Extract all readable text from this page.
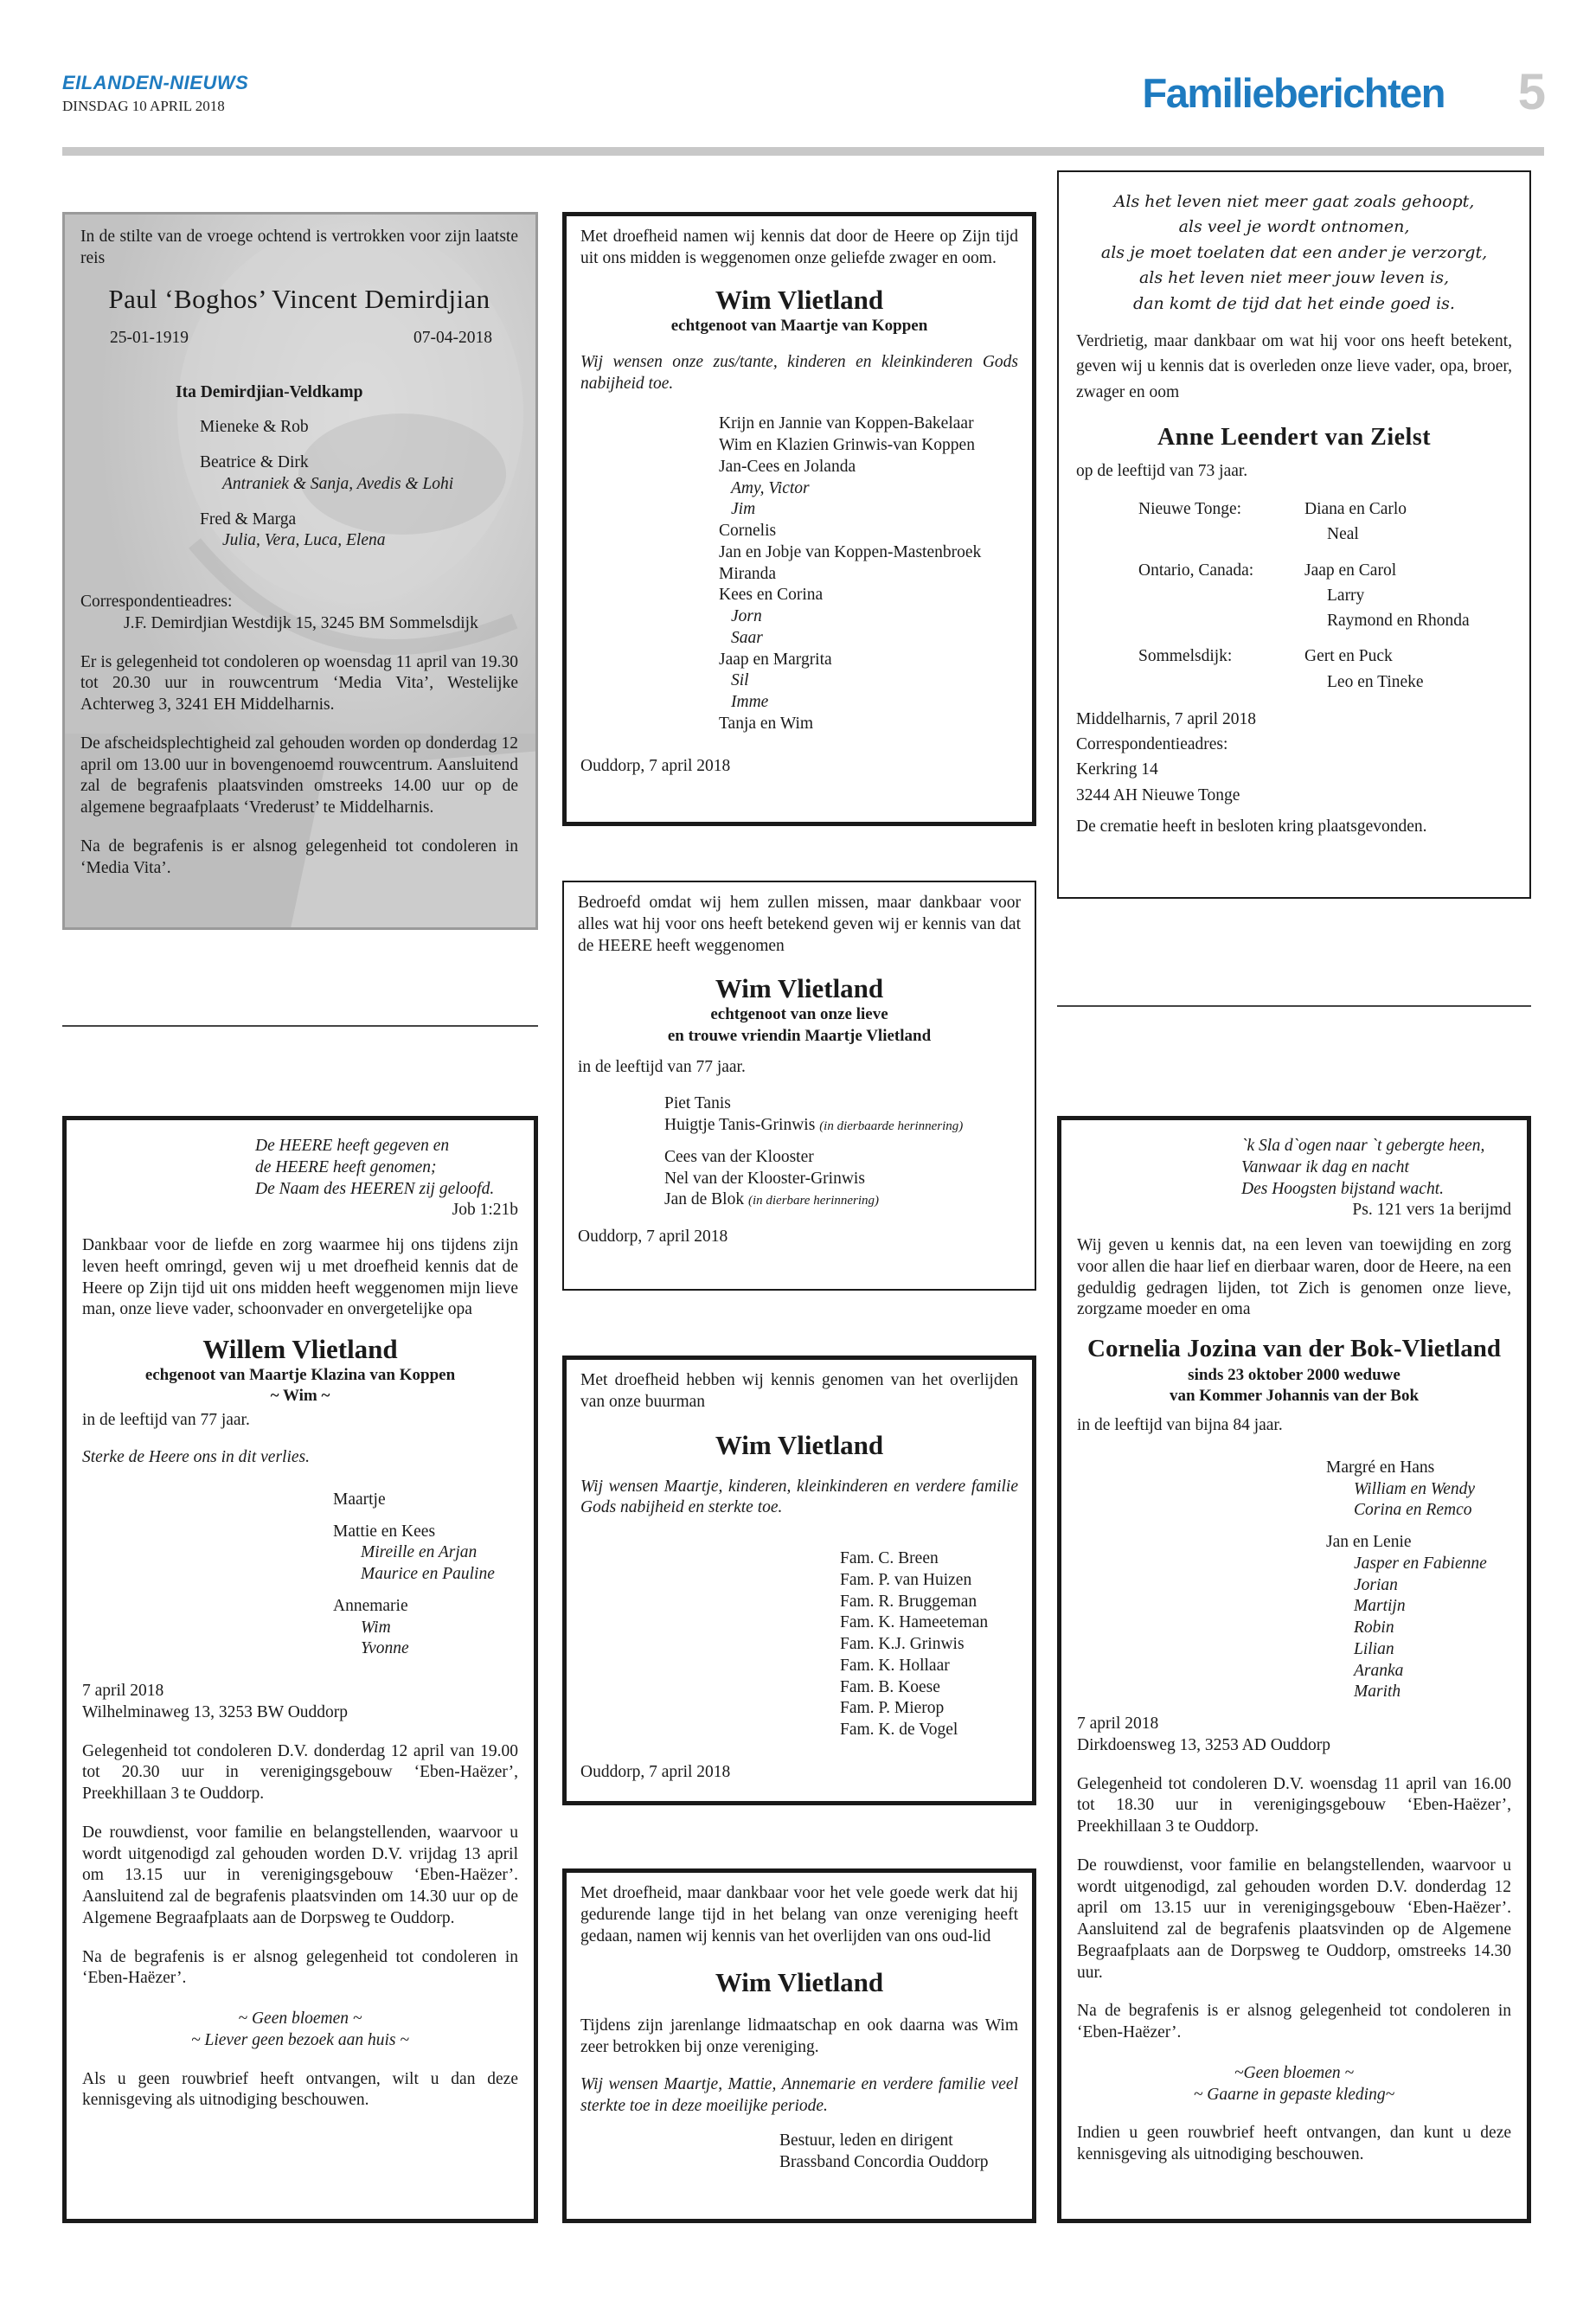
EILANDEN-NIEUWS
DINSDAG 10 APRIL 2018	Familieberichten 5

In de stilte van de vroege ochtend is vertrokken voor zijn laatste reis

Paul ‘Boghos’ Vincent Demirdjian

25-01-1919	07-04-2018

Ita Demirdjian-Veldkamp

Mieneke & Rob

Beatrice & Dirk

Antraniek & Sanja, Avedis & Lohi

Fred & Marga

Julia, Vera, Luca, Elena

Correspondentieadres:

J.F. Demirdjian Westdijk 15, 3245 BM Sommelsdijk

Er is gelegenheid tot condoleren op woensdag 11 april van 19.30 tot 20.30 uur in rouwcentrum ‘Media Vita’, Westelijke Achterweg 3, 3241 EH Middelharnis.

De afscheidsplechtigheid zal gehouden worden op donderdag 12 april om 13.00 uur in bovengenoemd rouwcentrum. Aansluitend zal de begrafenis plaatsvinden omstreeks 14.00 uur op de algemene begraafplaats ‘Vrederust’ te Middelharnis.

Na de begrafenis is er alsnog gelegenheid tot condoleren in ‘Media Vita’.

De HEERE heeft gegeven en

de HEERE heeft genomen;

De Naam des HEEREN zij geloofd.

Job 1:21b

Dankbaar voor de liefde en zorg waarmee hij ons tijdens zijn leven heeft omringd, geven wij u met droefheid kennis dat de Heere op Zijn tijd uit ons midden heeft weggenomen mijn lieve man, onze lieve vader, schoonvader en onvergetelijke opa

Willem Vlietland

echgenoot van Maartje Klazina van Koppen

~ Wim ~

in de leeftijd van 77 jaar.

Sterke de Heere ons in dit verlies.

Maartje

Mattie en Kees

Mireille en Arjan

Maurice en Pauline

Annemarie

Wim

Yvonne

7 april 2018

Wilhelminaweg 13, 3253 BW Ouddorp

Gelegenheid tot condoleren D.V. donderdag 12 april van 19.00 tot 20.30 uur in verenigingsgebouw ‘Eben-Haëzer’, Preekhillaan 3 te Ouddorp.

De rouwdienst, voor familie en belangstellenden, waarvoor u wordt uitgenodigd zal gehouden worden D.V. vrijdag 13 april om 13.15 uur in verenigingsgebouw ‘Eben-Haëzer’. Aansluitend zal de begrafenis plaatsvinden om 14.30 uur op de Algemene Begraafplaats aan de Dorpsweg te Ouddorp.

Na de begrafenis is er alsnog gelegenheid tot condoleren in ‘Eben-Haëzer’.

~ Geen bloemen ~

~ Liever geen bezoek aan huis ~

Als u geen rouwbrief heeft ontvangen, wilt u dan deze kennisgeving als uitnodiging beschouwen.

Met droefheid namen wij kennis dat door de Heere op Zijn tijd uit ons midden is weggenomen onze geliefde zwager en oom.

Wim Vlietland

echtgenoot van Maartje van Koppen

Wij wensen onze zus/tante, kinderen en kleinkinderen Gods nabijheid toe.

Krijn en Jannie van Koppen-Bakelaar

Wim en Klazien Grinwis-van Koppen

Jan-Cees en Jolanda

Amy, Victor

Jim

Cornelis

Jan en Jobje van Koppen-Mastenbroek

Miranda

Kees en Corina

Jorn

Saar

Jaap en Margrita

Sil

Imme

Tanja en Wim

Ouddorp, 7 april 2018

Bedroefd omdat wij hem zullen missen, maar dankbaar voor alles wat hij voor ons heeft betekend geven wij er kennis van dat de HEERE heeft weggenomen

Wim Vlietland

echtgenoot van onze lieve

en trouwe vriendin Maartje Vlietland

in de leeftijd van 77 jaar.

Piet Tanis

Huigtje Tanis-Grinwis (in dierbaarde herinnering)

Cees van der Klooster

Nel van der Klooster-Grinwis

Jan de Blok (in dierbare herinnering)

Ouddorp, 7 april 2018

Met droefheid hebben wij kennis genomen van het overlijden van onze buurman

Wim Vlietland

Wij wensen Maartje, kinderen, kleinkinderen en verdere familie Gods nabijheid en sterkte toe.

Fam. C. Breen

Fam. P. van Huizen

Fam. R. Bruggeman

Fam. K. Hameeteman

Fam. K.J. Grinwis

Fam. K. Hollaar

Fam. B. Koese

Fam. P. Mierop

Fam. K. de Vogel

Ouddorp, 7 april 2018

Met droefheid, maar dankbaar voor het vele goede werk dat hij gedurende lange tijd in het belang van onze vereniging heeft gedaan, namen wij kennis van het overlijden van ons oud-lid

Wim Vlietland

Tijdens zijn jarenlange lidmaatschap en ook daarna was Wim zeer betrokken bij onze vereniging.

Wij wensen Maartje, Mattie, Annemarie en verdere familie veel sterkte toe in deze moeilijke periode.

Bestuur, leden en dirigent

Brassband Concordia Ouddorp

Als het leven niet meer gaat zoals gehoopt,

als veel je wordt ontnomen,

als je moet toelaten dat een ander je verzorgt,

als het leven niet meer jouw leven is,

dan komt de tijd dat het einde goed is.

Verdrietig, maar dankbaar om wat hij voor ons heeft betekent, geven wij u kennis dat is overleden onze lieve vader, opa, broer, zwager en oom

Anne Leendert van Zielst

op de leeftijd van 73 jaar.

Nieuwe Tonge:	Diana en Carlo

Neal

Ontario, Canada:	Jaap en Carol

Larry

Raymond en Rhonda

Sommelsdijk:	Gert en Puck

Leo en Tineke

Middelharnis, 7 april 2018

Correspondentieadres:

Kerkring 14

3244 AH Nieuwe Tonge

De crematie heeft in besloten kring plaatsgevonden.

`k Sla d`ogen naar `t gebergte heen,

Vanwaar ik dag en nacht

Des Hoogsten bijstand wacht.

Ps. 121 vers 1a berijmd

Wij geven u kennis dat, na een leven van toewijding en zorg voor allen die haar lief en dierbaar waren, door de Heere, na een geduldig gedragen lijden, tot Zich is genomen onze lieve, zorgzame moeder en oma

Cornelia Jozina van der Bok-Vlietland

sinds 23 oktober 2000 weduwe

van Kommer Johannis van der Bok

in de leeftijd van bijna 84 jaar.

Margré en Hans

William en Wendy

Corina en Remco

Jan en Lenie

Jasper en Fabienne

Jorian

Martijn

Robin

Lilian

Aranka

Marith

7 april 2018

Dirkdoensweg 13, 3253 AD Ouddorp

Gelegenheid tot condoleren D.V. woensdag 11 april van 16.00 tot 18.30 uur in verenigingsgebouw ‘Eben-Haëzer’, Preekhillaan 3 te Ouddorp.

De rouwdienst, voor familie en belangstellenden, waarvoor u wordt uitgenodigd, zal gehouden worden D.V. donderdag 12 april om 13.15 uur in verenigingsgebouw ‘Eben-Haëzer’. Aansluitend zal de begrafenis plaatsvinden op de Algemene Begraafplaats aan de Dorpsweg te Ouddorp, omstreeks 14.30 uur.

Na de begrafenis is er alsnog gelegenheid tot condoleren in ‘Eben-Haëzer’.

~Geen bloemen ~

~ Gaarne in gepaste kleding~

Indien u geen rouwbrief heeft ontvangen, dan kunt u deze kennisgeving als uitnodiging beschouwen.
